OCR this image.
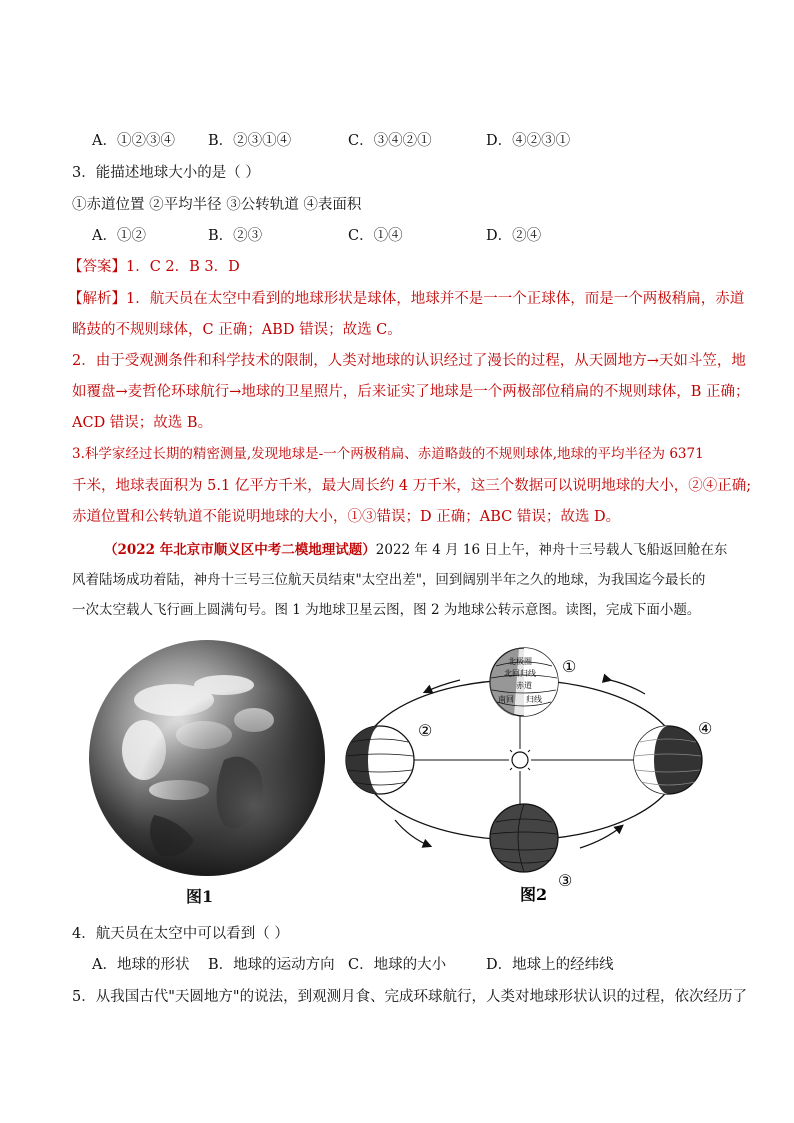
A．①②③④ B．②③①④	C．③④②①	D．④②③①
3．能描述地球大小的是（ ）
①赤道位置 ②平均半径 ③公转轨道 ④表面积
A．①②	B．②③	C．①④	D．②④
【答案】1．C 2．B 3．D
【解析】1．航天员在太空中看到的地球形状是球体，地球并不是一一个正球体，而是一个两极稍扁，赤道
略鼓的不规则球体，C 正确；ABD 错误；故选 C。
2．由于受观测条件和科学技术的限制，人类对地球的认识经过了漫长的过程，从天圆地方→天如斗笠，地
如覆盘→麦哲伦环球航行→地球的卫星照片，后来证实了地球是一个两极部位稍扁的不规则球体，B 正确；
ACD 错误；故选 B。
3.科学家经过长期的精密测量,发现地球是-一个两极稍扁、赤道略鼓的不规则球体,地球的平均半径为 6371
千米，地球表面积为 5.1 亿平方千米，最大周长约 4 万千米，这三个数据可以说明地球的大小，②④正确;
赤道位置和公转轨道不能说明地球的大小，①③错误；D 正确；ABC 错误；故选 D。
（2022 年北京市顺义区中考二模地理试题）2022 年 4 月 16 日上午，神舟十三号载人飞船返回舱在东
风着陆场成功着陆，神舟十三号三位航天员结束"太空出差"，回到阔别半年之久的地球，为我国迄今最长的
一次太空载人飞行画上圆满句号。图 1 为地球卫星云图，图 2 为地球公转示意图。读图，完成下面小题。
图1
北极圈
北回归线
赤道
南回 归线
①
②
③
④
图2
4．航天员在太空中可以看到（ ）
A．地球的形状 B．地球的运动方向 C．地球的大小	D．地球上的经纬线
5．从我国古代"天圆地方"的说法，到观测月食、完成环球航行，人类对地球形状认识的过程，依次经历了
